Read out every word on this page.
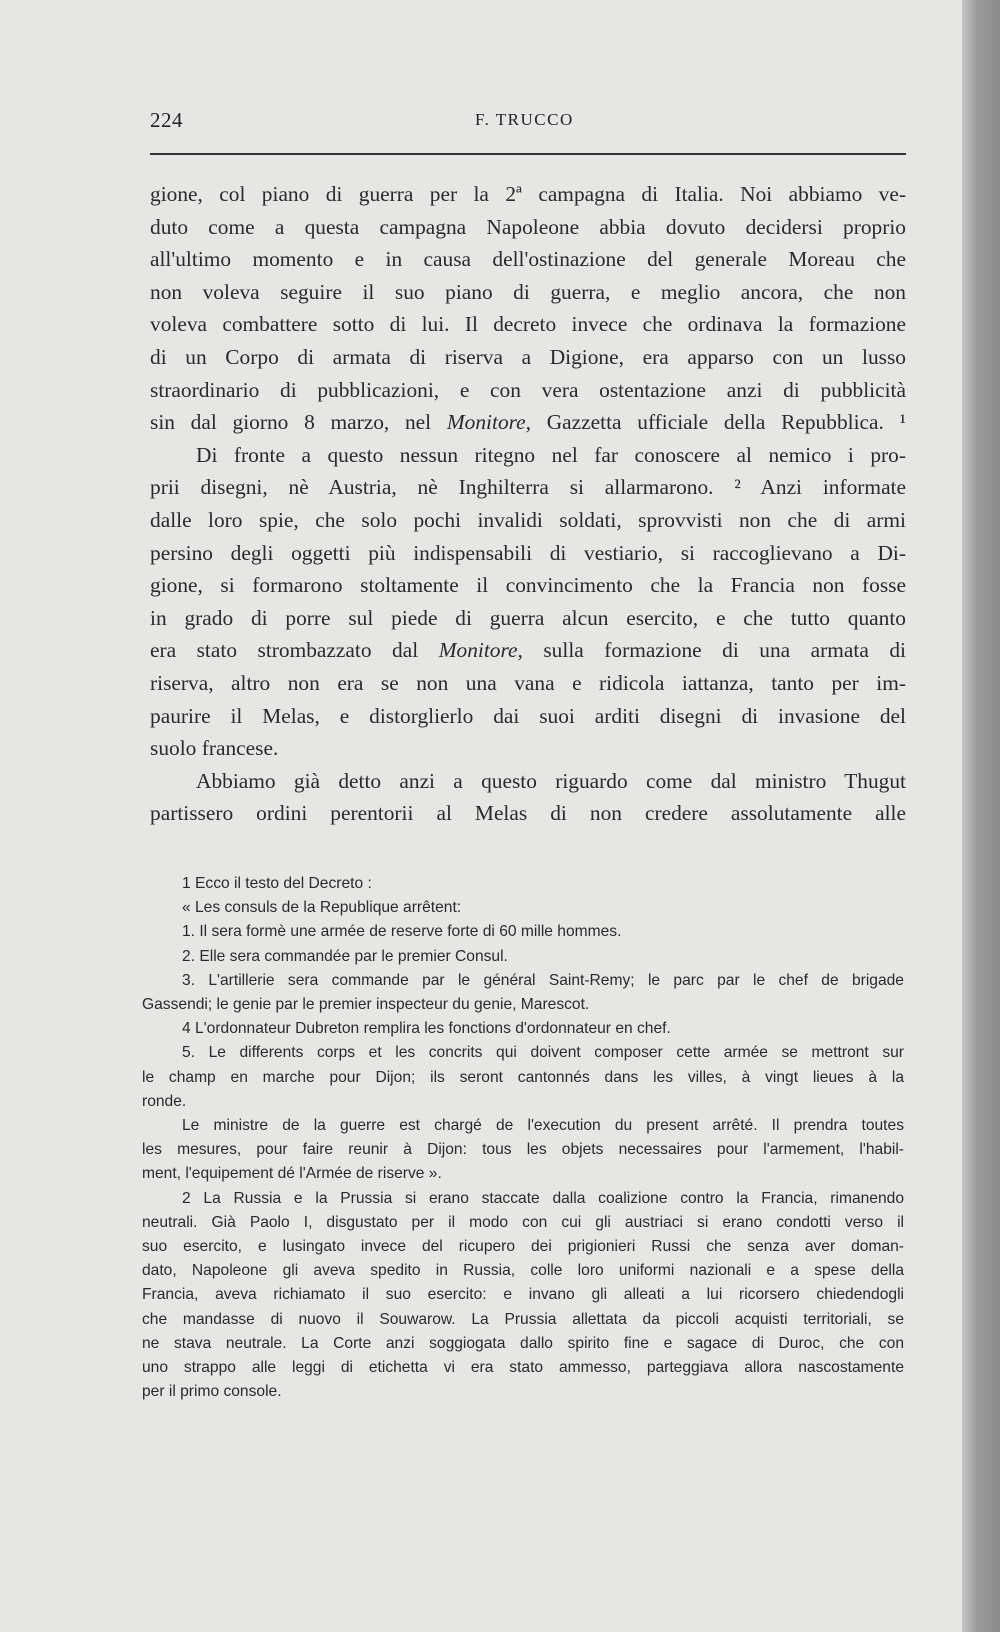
224	F. TRUCCO

gione, col piano di guerra per la 2ª campagna di Italia. Noi abbiamo ve-
duto come a questa campagna Napoleone abbia dovuto decidersi proprio
all'ultimo momento e in causa dell'ostinazione del generale Moreau che
non voleva seguire il suo piano di guerra, e meglio ancora, che non
voleva combattere sotto di lui. Il decreto invece che ordinava la formazione
di un Corpo di armata di riserva a Digione, era apparso con un lusso
straordinario di pubblicazioni, e con vera ostentazione anzi di pubblicità
sin dal giorno 8 marzo, nel Monitore, Gazzetta ufficiale della Repubblica. ¹

Di fronte a questo nessun ritegno nel far conoscere al nemico i pro-
prii disegni, nè Austria, nè Inghilterra si allarmarono. ² Anzi informate
dalle loro spie, che solo pochi invalidi soldati, sprovvisti non che di armi
persino degli oggetti più indispensabili di vestiario, si raccoglievano a Di-
gione, si formarono stoltamente il convincimento che la Francia non fosse
in grado di porre sul piede di guerra alcun esercito, e che tutto quanto
era stato strombazzato dal Monitore, sulla formazione di una armata di
riserva, altro non era se non una vana e ridicola iattanza, tanto per im-
paurire il Melas, e distorglierlo dai suoi arditi disegni di invasione del
suolo francese.

Abbiamo già detto anzi a questo riguardo come dal ministro Thugut
partissero ordini perentorii al Melas di non credere assolutamente alle

1 Ecco il testo del Decreto :
« Les consuls de la Republique arrêtent:
1. Il sera formè une armée de reserve forte di 60 mille hommes.
2. Elle sera commandée par le premier Consul.
3. L'artillerie sera commande par le général Saint-Remy; le parc par le chef de brigade
Gassendi; le genie par le premier inspecteur du genie, Marescot.
4 L'ordonnateur Dubreton remplira les fonctions d'ordonnateur en chef.
5. Le differents corps et les concrits qui doivent composer cette armée se mettront sur
le champ en marche pour Dijon; ils seront cantonnés dans les villes, à vingt lieues à la
ronde.
Le ministre de la guerre est chargé de l'execution du present arrêté. Il prendra toutes
les mesures, pour faire reunir à Dijon: tous les objets necessaires pour l'armement, l'habil-
ment, l'equipement dé l'Armée de riserve ».
2 La Russia e la Prussia si erano staccate dalla coalizione contro la Francia, rimanendo
neutrali. Già Paolo I, disgustato per il modo con cui gli austriaci si erano condotti verso il
suo esercito, e lusingato invece del ricupero dei prigionieri Russi che senza aver doman-
dato, Napoleone gli aveva spedito in Russia, colle loro uniformi nazionali e a spese della
Francia, aveva richiamato il suo esercito: e invano gli alleati a lui ricorsero chiedendogli
che mandasse di nuovo il Souwarow. La Prussia allettata da piccoli acquisti territoriali, se
ne stava neutrale. La Corte anzi soggiogata dallo spirito fine e sagace di Duroc, che con
uno strappo alle leggi di etichetta vi era stato ammesso, parteggiava allora nascostamente
per il primo console.
